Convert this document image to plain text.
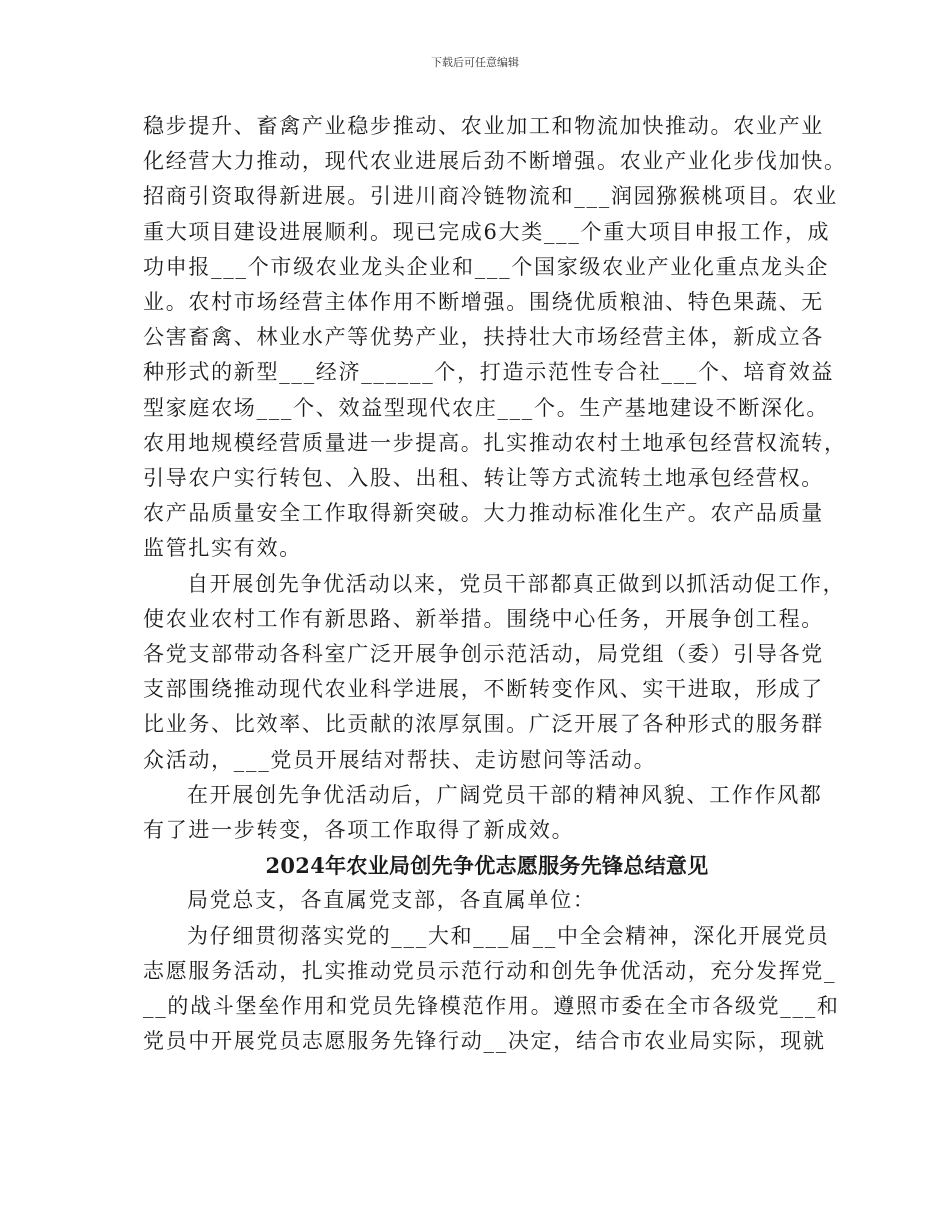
下载后可任意编辑

稳步提升、畜禽产业稳步推动、农业加工和物流加快推动。农业产业
化经营大力推动，现代农业进展后劲不断增强。农业产业化步伐加快。
招商引资取得新进展。引进川商冷链物流和___润园猕猴桃项目。农业
重大项目建设进展顺利。现已完成6大类___个重大项目申报工作，成
功申报___个市级农业龙头企业和___个国家级农业产业化重点龙头企
业。农村市场经营主体作用不断增强。围绕优质粮油、特色果蔬、无
公害畜禽、林业水产等优势产业，扶持壮大市场经营主体，新成立各
种形式的新型___经济______个，打造示范性专合社___个、培育效益
型家庭农场___个、效益型现代农庄___个。生产基地建设不断深化。
农用地规模经营质量进一步提高。扎实推动农村土地承包经营权流转，
引导农户实行转包、入股、出租、转让等方式流转土地承包经营权。
农产品质量安全工作取得新突破。大力推动标准化生产。农产品质量
监管扎实有效。

自开展创先争优活动以来，党员干部都真正做到以抓活动促工作，
使农业农村工作有新思路、新举措。围绕中心任务，开展争创工程。
各党支部带动各科室广泛开展争创示范活动，局党组（委）引导各党
支部围绕推动现代农业科学进展，不断转变作风、实干进取，形成了
比业务、比效率、比贡献的浓厚氛围。广泛开展了各种形式的服务群
众活动，___党员开展结对帮扶、走访慰问等活动。

在开展创先争优活动后，广阔党员干部的精神风貌、工作作风都
有了进一步转变，各项工作取得了新成效。

2024年农业局创先争优志愿服务先锋总结意见

局党总支，各直属党支部，各直属单位：

为仔细贯彻落实党的___大和___届__中全会精神，深化开展党员
志愿服务活动，扎实推动党员示范行动和创先争优活动，充分发挥党_
__的战斗堡垒作用和党员先锋模范作用。遵照市委在全市各级党___和
党员中开展党员志愿服务先锋行动__决定，结合市农业局实际，现就
